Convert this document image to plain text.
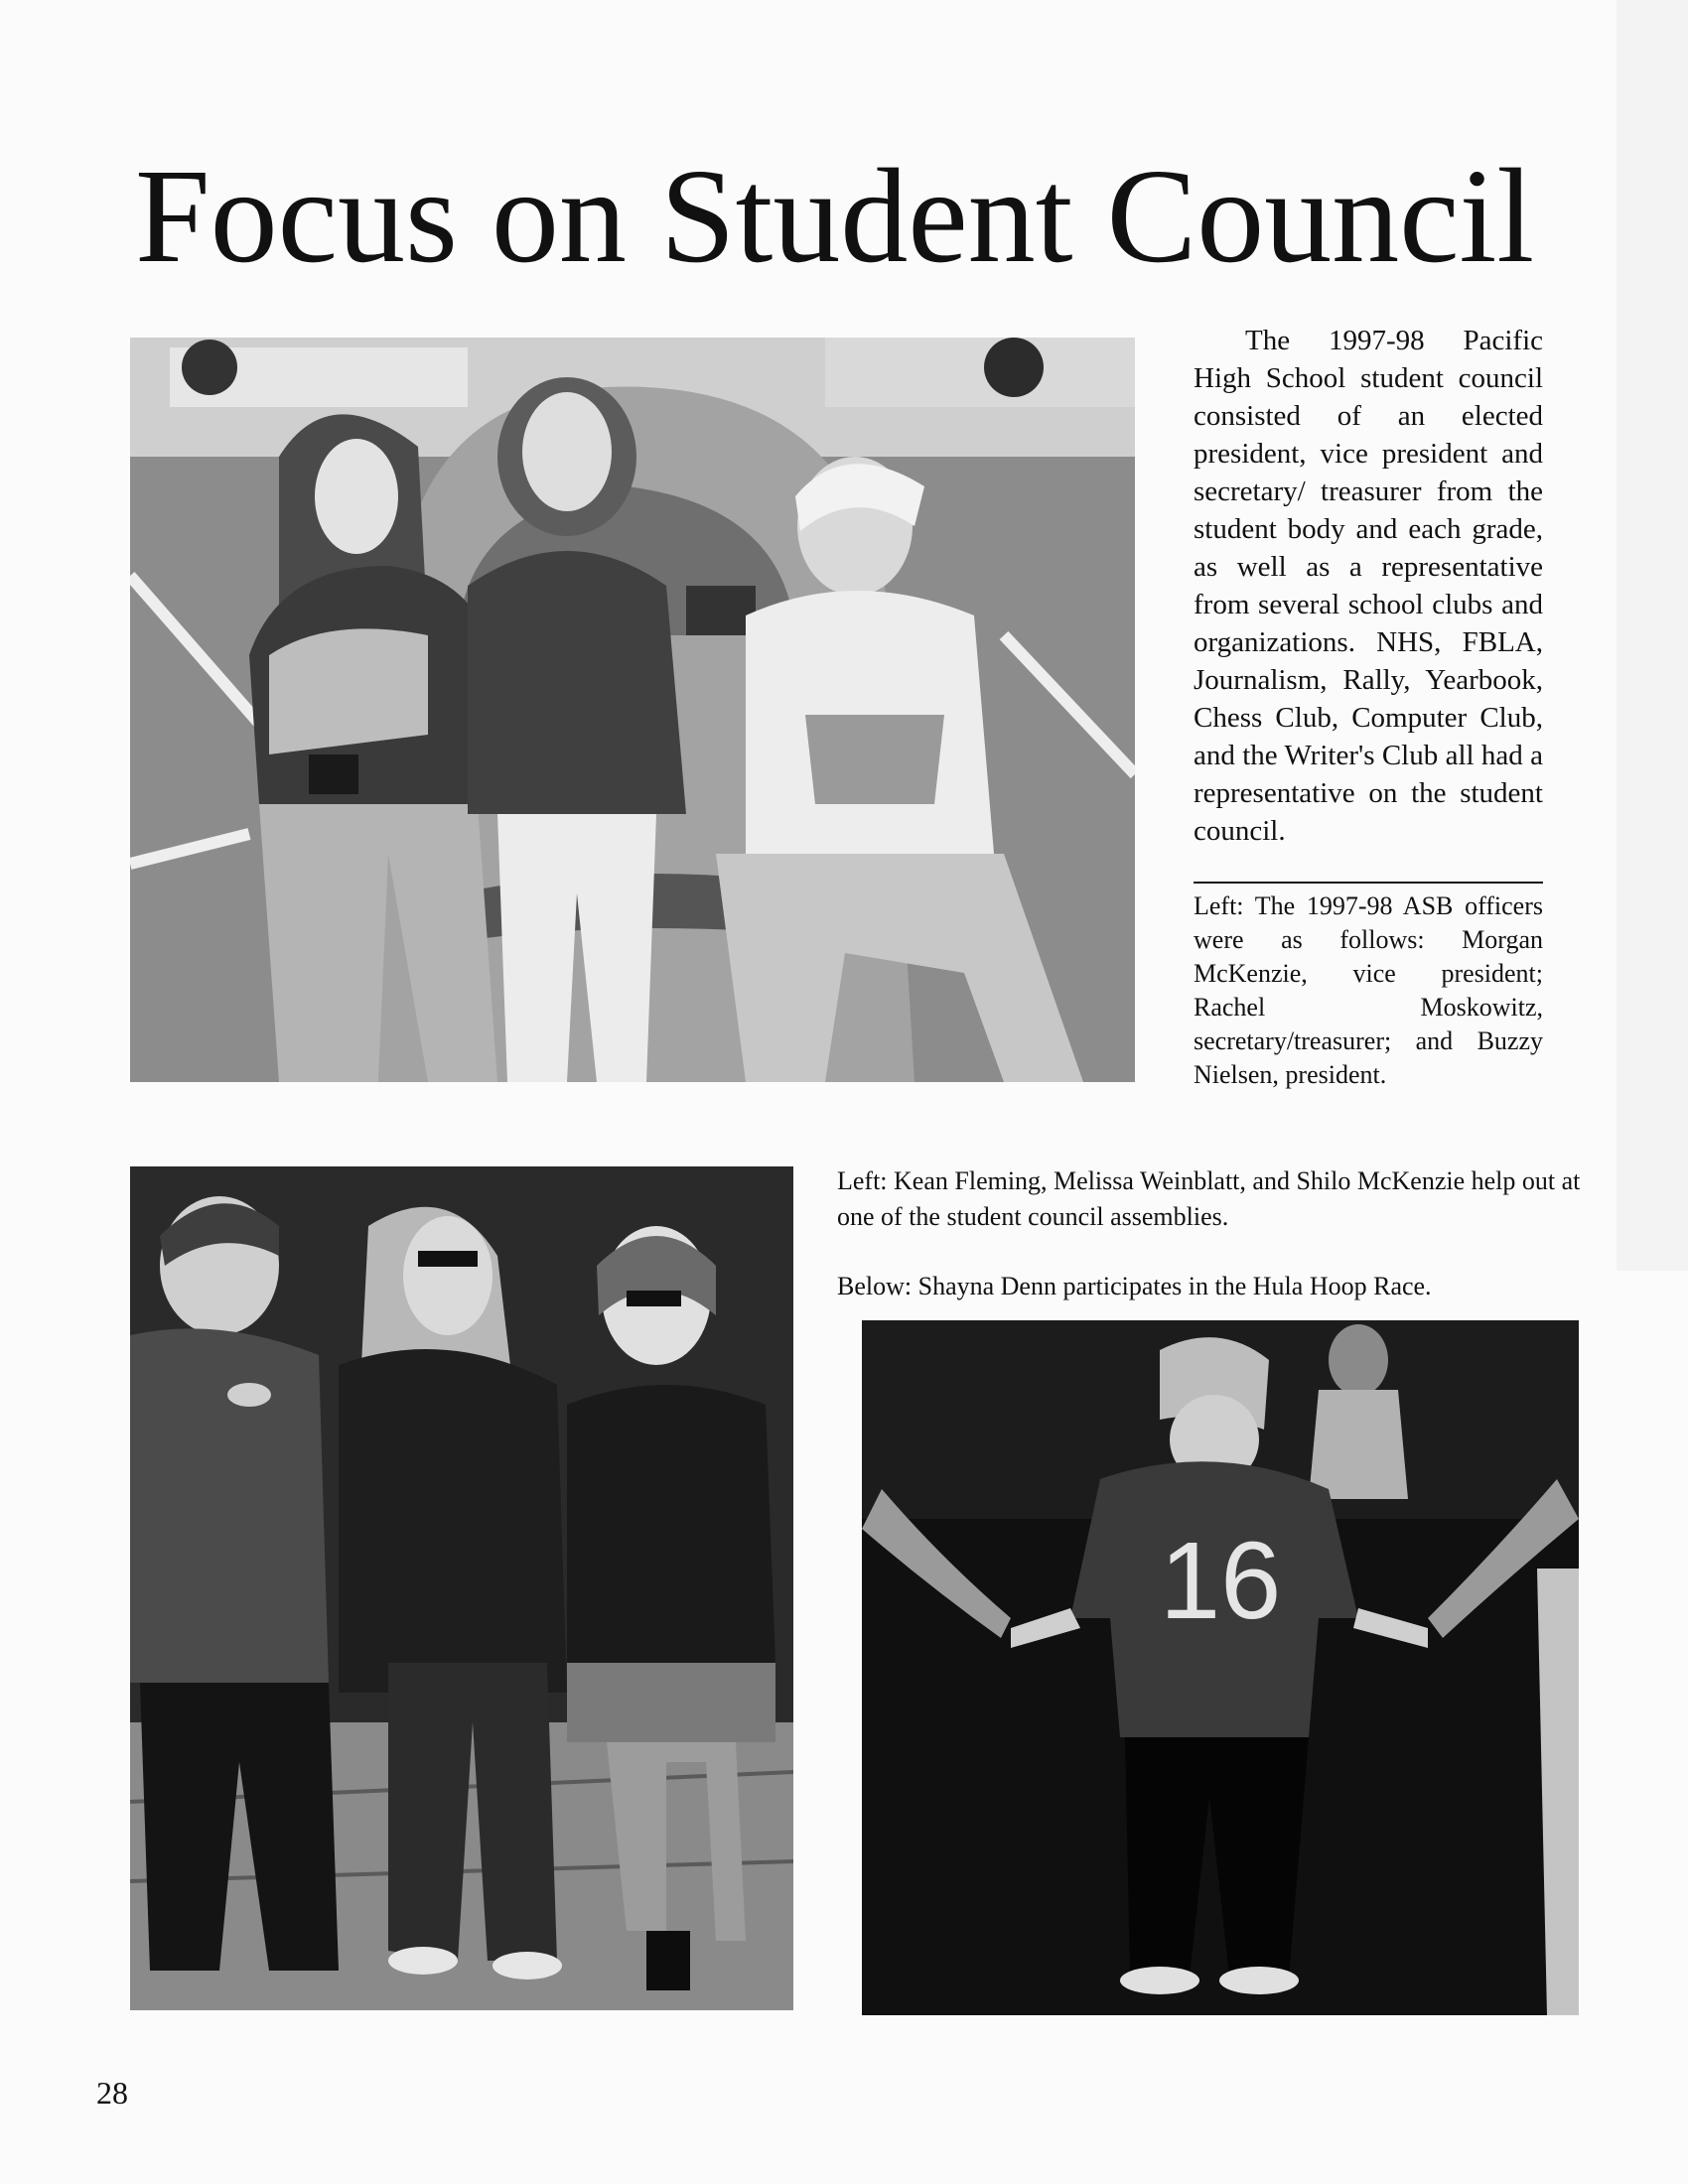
Focus on Student Council
16

The 1997-98 Pacific High School student council consisted of an elected president, vice president and secretary/ treasurer from the student body and each grade, as well as a representative from several school clubs and organizations. NHS, FBLA, Journalism, Rally, Yearbook, Chess Club, Computer Club, and the Writer's Club all had a representative on the student council.

Left: The 1997-98 ASB officers were as follows: Morgan McKenzie, vice president; Rachel Moskowitz, secretary/treasurer; and Buzzy Nielsen, president.

Left: Kean Fleming, Melissa Weinblatt, and Shilo McKenzie help out at one of the student council assemblies.

Below: Shayna Denn participates in the Hula Hoop Race.

28
